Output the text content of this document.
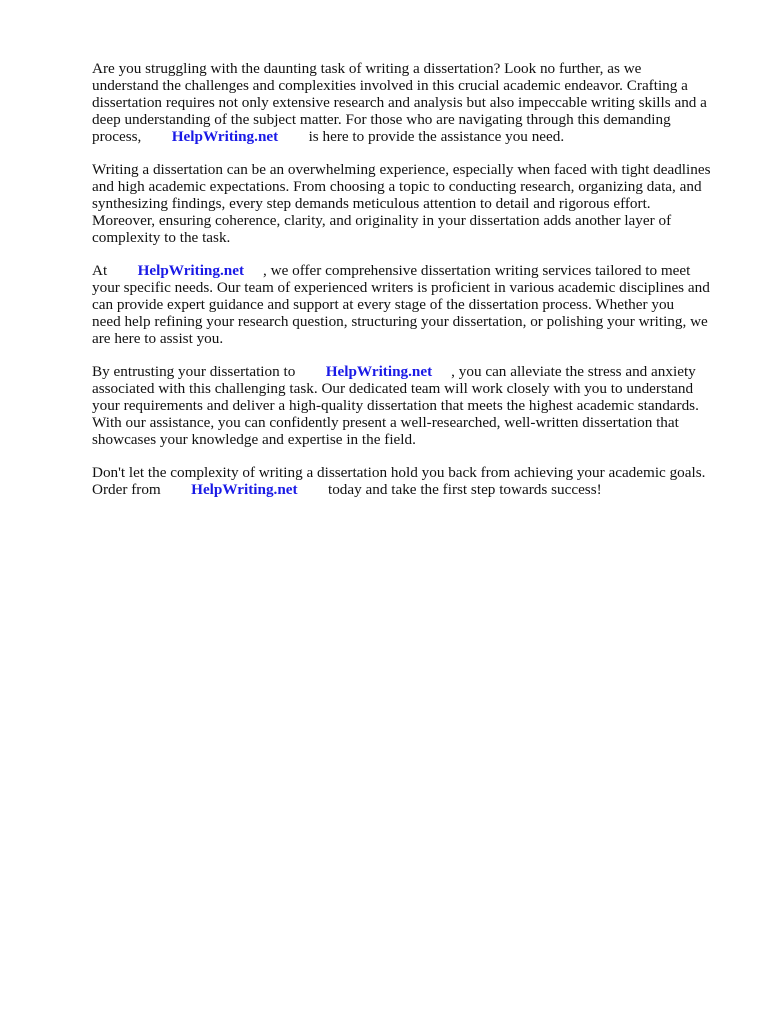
Are you struggling with the daunting task of writing a dissertation? Look no further, as we
understand the challenges and complexities involved in this crucial academic endeavor. Crafting a
dissertation requires not only extensive research and analysis but also impeccable writing skills and a
deep understanding of the subject matter. For those who are navigating through this demanding
process, HelpWriting.net is here to provide the assistance you need.

Writing a dissertation can be an overwhelming experience, especially when faced with tight deadlines
and high academic expectations. From choosing a topic to conducting research, organizing data, and
synthesizing findings, every step demands meticulous attention to detail and rigorous effort.
Moreover, ensuring coherence, clarity, and originality in your dissertation adds another layer of
complexity to the task.

At HelpWriting.net , we offer comprehensive dissertation writing services tailored to meet
your specific needs. Our team of experienced writers is proficient in various academic disciplines and
can provide expert guidance and support at every stage of the dissertation process. Whether you
need help refining your research question, structuring your dissertation, or polishing your writing, we
are here to assist you.

By entrusting your dissertation to HelpWriting.net , you can alleviate the stress and anxiety
associated with this challenging task. Our dedicated team will work closely with you to understand
your requirements and deliver a high-quality dissertation that meets the highest academic standards.
With our assistance, you can confidently present a well-researched, well-written dissertation that
showcases your knowledge and expertise in the field.

Don't let the complexity of writing a dissertation hold you back from achieving your academic goals.
Order from HelpWriting.net today and take the first step towards success!
